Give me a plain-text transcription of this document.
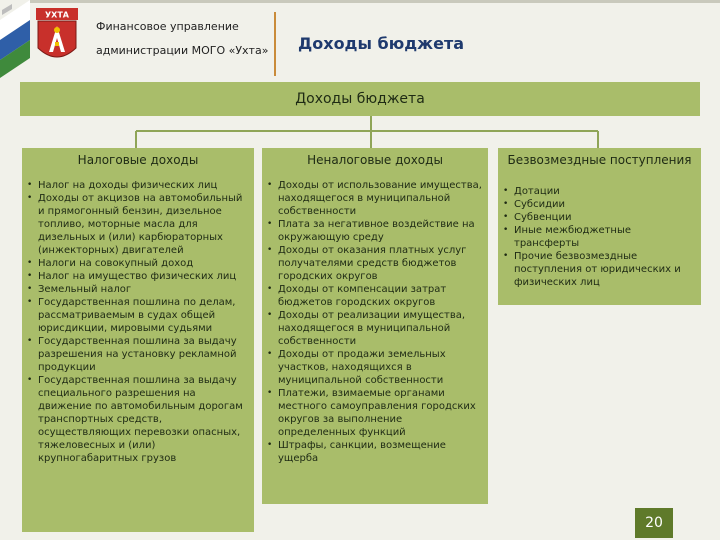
УХТА
Финансовое управление
администрации МОГО «Ухта» Доходы бюджета
Доходы бюджета
Налоговые доходы
• Налог на доходы физических лиц
• Доходы от акцизов на автомобильный и прямогонный бензин, дизельное топливо, моторные масла для дизельных и (или) карбюраторных (инжекторных) двигателей
• Налоги на совокупный доход
• Налог на имущество физических лиц
• Земельный налог
• Государственная пошлина по делам, рассматриваемым в судах общей юрисдикции, мировыми судьями
• Государственная пошлина за выдачу разрешения на установку рекламной продукции
• Государственная пошлина за выдачу специального разрешения на движение по автомобильным дорогам транспортных средств, осуществляющих перевозки опасных, тяжеловесных и (или) крупногабаритных грузов
Неналоговые доходы
• Доходы от использование имущества, находящегося в муниципальной собственности
• Плата за негативное воздействие на окружающую среду
• Доходы от оказания платных услуг получателями средств бюджетов городских округов
• Доходы от компенсации затрат бюджетов городских округов
• Доходы от реализации имущества, находящегося в муниципальной собственности
• Доходы от продажи земельных участков, находящихся в муниципальной собственности
• Платежи, взимаемые органами местного самоуправления городских округов за выполнение определенных функций
• Штрафы, санкции, возмещение ущерба
Безвозмездные поступления
• Дотации
• Субсидии
• Субвенции
• Иные межбюджетные трансферты
• Прочие безвозмездные поступления от юридических и физических лиц
20
